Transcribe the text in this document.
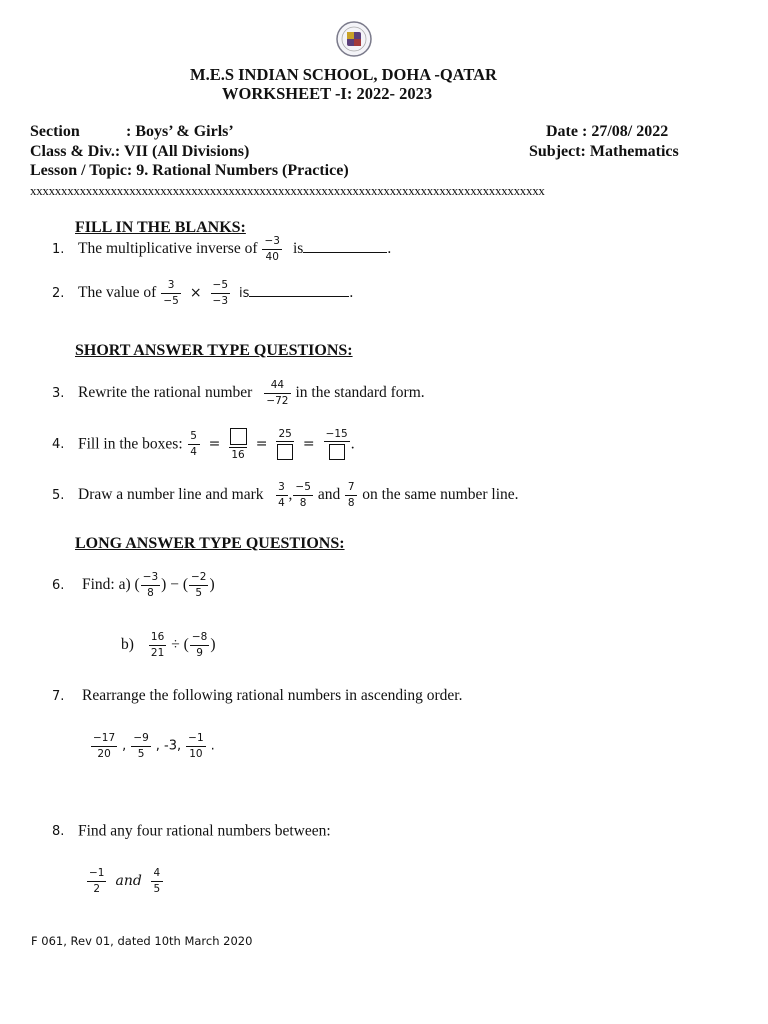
M.E.S INDIAN SCHOOL, DOHA -QATAR
WORKSHEET -I: 2022- 2023
Section	: Boys’ & Girls’	Date : 27/08/ 2022
Class & Div.: VII (All Divisions)	Subject: Mathematics
Lesson / Topic: 9. Rational Numbers (Practice)
xxxxxxxxxxxxxxxxxxxxxxxxxxxxxxxxxxxxxxxxxxxxxxxxxxxxxxxxxxxxxxxxxxxxxxxxxxxxxxxxxxx
FILL IN THE BLANKS:
1. The multiplicative inverse of $\frac{-3}{40}$ is	.
2. The value of $\frac{3}{-5} \times \frac{-5}{-3}$ is	.
SHORT ANSWER TYPE QUESTIONS:
3. Rewrite the rational number $\frac{44}{-72}$ in the standard form.
4. Fill in the boxes: $\frac{5}{4}$ =
16
=
25
=
−15
.
5. Draw a number line and mark $\frac{3}{4}$ , $\frac{-5}{8}$ and $\frac{7}{8}$ on the same number line.
LONG ANSWER TYPE QUESTIONS:
6. Find: a) ( $\frac{-3}{8}$ ) − ( $\frac{-2}{5}$ )
$b) \frac{16}{21}$ ÷ ( $\frac{-8}{9}$ )
7. Rearrange the following rational numbers in ascending order.
$\frac{-17}{20}$ , $\frac{-9}{5}$ , -3, $\frac{-1}{10}$ .
8. Find any four rational numbers between:
$\frac{-1}{2}$ and $\frac{4}{5}$
F 061, Rev 01, dated 10th March 2020
